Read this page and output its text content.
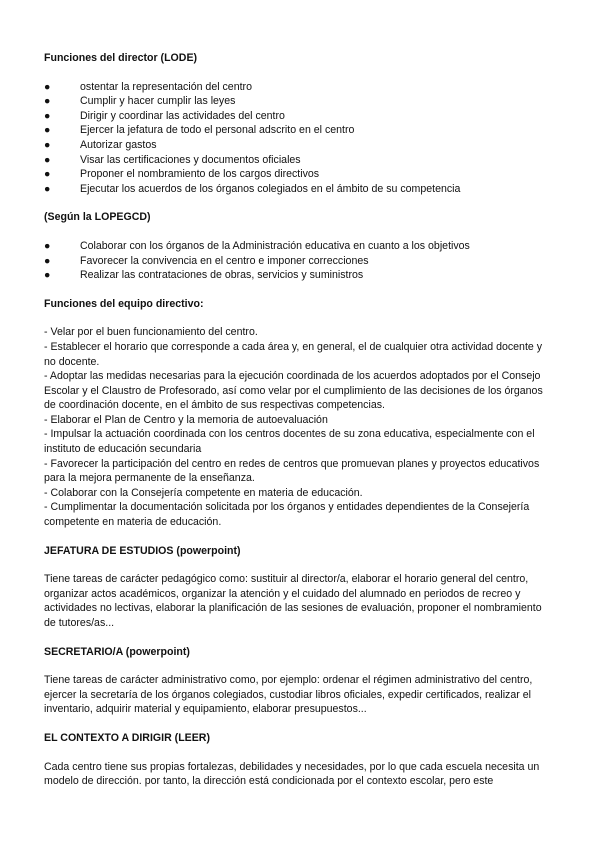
Funciones del director (LODE)

●	ostentar la representación del centro
●	Cumplir y hacer cumplir las leyes
●	Dirigir y coordinar las actividades del centro
●	Ejercer la jefatura de todo el personal adscrito en el centro
●	Autorizar gastos
●	Visar las certificaciones y documentos oficiales
●	Proponer el nombramiento de los cargos directivos
●	Ejecutar los acuerdos de los órganos colegiados en el ámbito de su competencia

(Según la LOPEGCD)

●	Colaborar con los órganos de la Administración educativa en cuanto a los objetivos
●	Favorecer la convivencia en el centro e imponer correcciones
●	Realizar las contrataciones de obras, servicios y suministros

Funciones del equipo directivo:

- Velar por el buen funcionamiento del centro.

- Establecer el horario que corresponde a cada área y, en general, el de cualquier otra actividad docente y no docente.

- Adoptar las medidas necesarias para la ejecución coordinada de los acuerdos adoptados por el Consejo Escolar y el Claustro de Profesorado, así como velar por el cumplimiento de las decisiones de los órganos de coordinación docente, en el ámbito de sus respectivas competencias.

- Elaborar el Plan de Centro y la memoria de autoevaluación

- Impulsar la actuación coordinada con los centros docentes de su zona educativa, especialmente con el instituto de educación secundaria

- Favorecer la participación del centro en redes de centros que promuevan planes y proyectos educativos para la mejora permanente de la enseñanza.

- Colaborar con la Consejería competente en materia de educación.

- Cumplimentar la documentación solicitada por los órganos y entidades dependientes de la Consejería competente en materia de educación.

JEFATURA DE ESTUDIOS (powerpoint)

Tiene tareas de carácter pedagógico como: sustituir al director/a, elaborar el horario general del centro, organizar actos académicos, organizar la atención y el cuidado del alumnado en periodos de recreo y actividades no lectivas, elaborar la planificación de las sesiones de evaluación, proponer el nombramiento de tutores/as...

SECRETARIO/A (powerpoint)

Tiene tareas de carácter administrativo como, por ejemplo: ordenar el régimen administrativo del centro, ejercer la secretaría de los órganos colegiados, custodiar libros oficiales, expedir certificados, realizar el inventario, adquirir material y equipamiento, elaborar presupuestos...

EL CONTEXTO A DIRIGIR (LEER)

Cada centro tiene sus propias fortalezas, debilidades y necesidades, por lo que cada escuela necesita un modelo de dirección. por tanto, la dirección está condicionada por el contexto escolar, pero este
